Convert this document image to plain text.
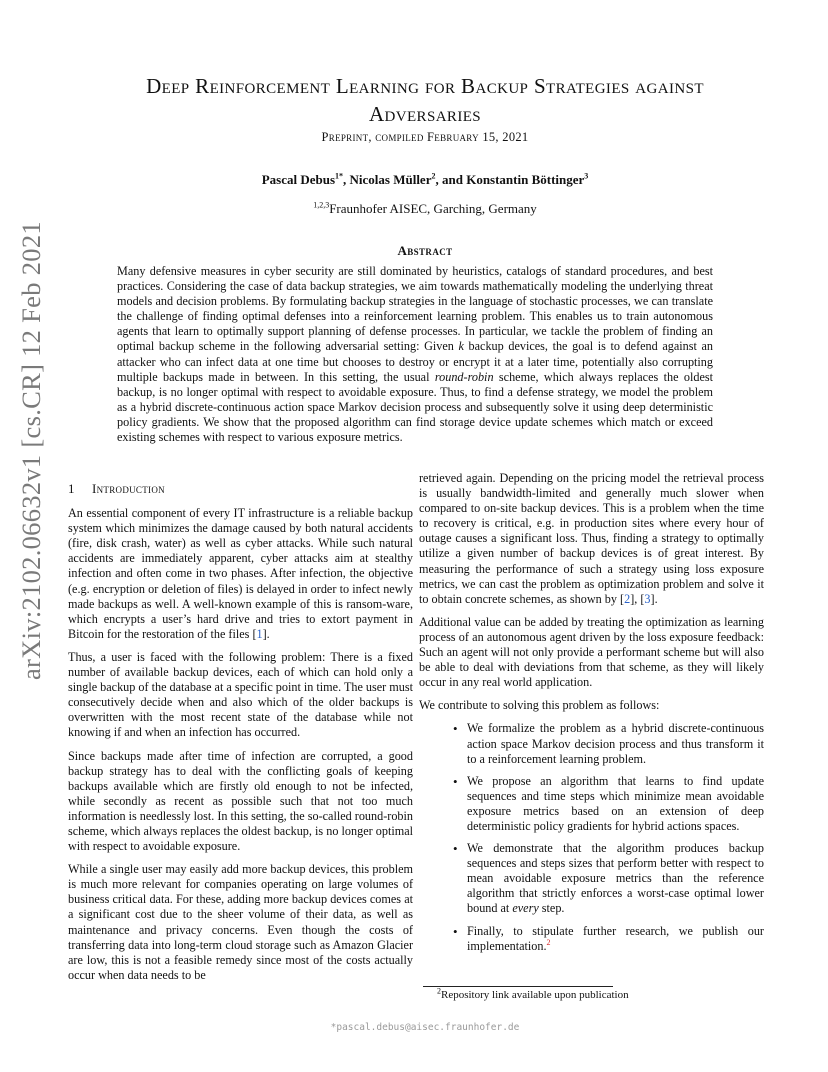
arXiv:2102.06632v1 [cs.CR] 12 Feb 2021
Deep Reinforcement Learning for Backup Strategies against
Adversaries
Preprint, compiled February 15, 2021
Pascal Debus$^{1*}$, Nicolas Müller$^2$, and Konstantin Böttinger$^3$
$^{1,2,3}$Fraunhofer AISEC, Garching, Germany
Abstract
Many defensive measures in cyber security are still dominated by heuristics, catalogs of standard procedures, and best practices. Considering the case of data backup strategies, we aim towards mathematically modeling the underlying threat models and decision problems. By formulating backup strategies in the language of stochastic processes, we can translate the challenge of finding optimal defenses into a reinforcement learning problem. This enables us to train autonomous agents that learn to optimally support planning of defense processes. In particular, we tackle the problem of finding an optimal backup scheme in the following adversarial setting: Given k backup devices, the goal is to defend against an attacker who can infect data at one time but chooses to destroy or encrypt it at a later time, potentially also corrupting multiple backups made in between. In this setting, the usual round-robin scheme, which always replaces the oldest backup, is no longer optimal with respect to avoidable exposure. Thus, to find a defense strategy, we model the problem as a hybrid discrete-continuous action space Markov decision process and subsequently solve it using deep deterministic policy gradients. We show that the proposed algorithm can find storage device update schemes which match or exceed existing schemes with respect to various exposure metrics.
1 Introduction

An essential component of every IT infrastructure is a reliable backup system which minimizes the damage caused by both natural accidents (fire, disk crash, water) as well as cyber attacks. While such natural accidents are immediately apparent, cyber attacks aim at stealthy infection and often come in two phases. After infection, the objective (e.g. encryption or deletion of files) is delayed in order to infect newly made backups as well. A well-known example of this is ransom-ware, which encrypts a user’s hard drive and tries to extort payment in Bitcoin for the restoration of the files [1].

Thus, a user is faced with the following problem: There is a fixed number of available backup devices, each of which can hold only a single backup of the database at a specific point in time. The user must consecutively decide when and also which of the older backups is overwritten with the most recent state of the database while not knowing if and when an infection has occurred.

Since backups made after time of infection are corrupted, a good backup strategy has to deal with the conflicting goals of keeping backups available which are firstly old enough to not be infected, while secondly as recent as possible such that not too much information is needlessly lost. In this setting, the so-called round-robin scheme, which always replaces the oldest backup, is no longer optimal with respect to avoidable exposure.

While a single user may easily add more backup devices, this problem is much more relevant for companies operating on large volumes of business critical data. For these, adding more backup devices comes at a significant cost due to the sheer volume of their data, as well as maintenance and privacy concerns. Even though the costs of transferring data into long-term cloud storage such as Amazon Glacier are low, this is not a feasible remedy since most of the costs actually occur when data needs to be

retrieved again. Depending on the pricing model the retrieval process is usually bandwidth-limited and generally much slower when compared to on-site backup devices. This is a problem when the time to recovery is critical, e.g. in production sites where every hour of outage causes a significant loss. Thus, finding a strategy to optimally utilize a given number of backup devices is of great interest. By measuring the performance of such a strategy using loss exposure metrics, we can cast the problem as optimization problem and solve it to obtain concrete schemes, as shown by [2], [3].

Additional value can be added by treating the optimization as learning process of an autonomous agent driven by the loss exposure feedback: Such an agent will not only provide a performant scheme but will also be able to deal with deviations from that scheme, as they will likely occur in any real world application.

We contribute to solving this problem as follows:

• We formalize the problem as a hybrid discrete-continuous action space Markov decision process and thus transform it to a reinforcement learning problem.
• We propose an algorithm that learns to find update sequences and time steps which minimize mean avoidable exposure metrics based on an extension of deep deterministic policy gradients for hybrid actions spaces.
• We demonstrate that the algorithm produces backup sequences and steps sizes that perform better with respect to mean avoidable exposure metrics than the reference algorithm that strictly enforces a worst-case optimal lower bound at every step.
• Finally, to stipulate further research, we publish our implementation.$^2$
$^2$Repository link available upon publication
*pascal.debus@aisec.fraunhofer.de
